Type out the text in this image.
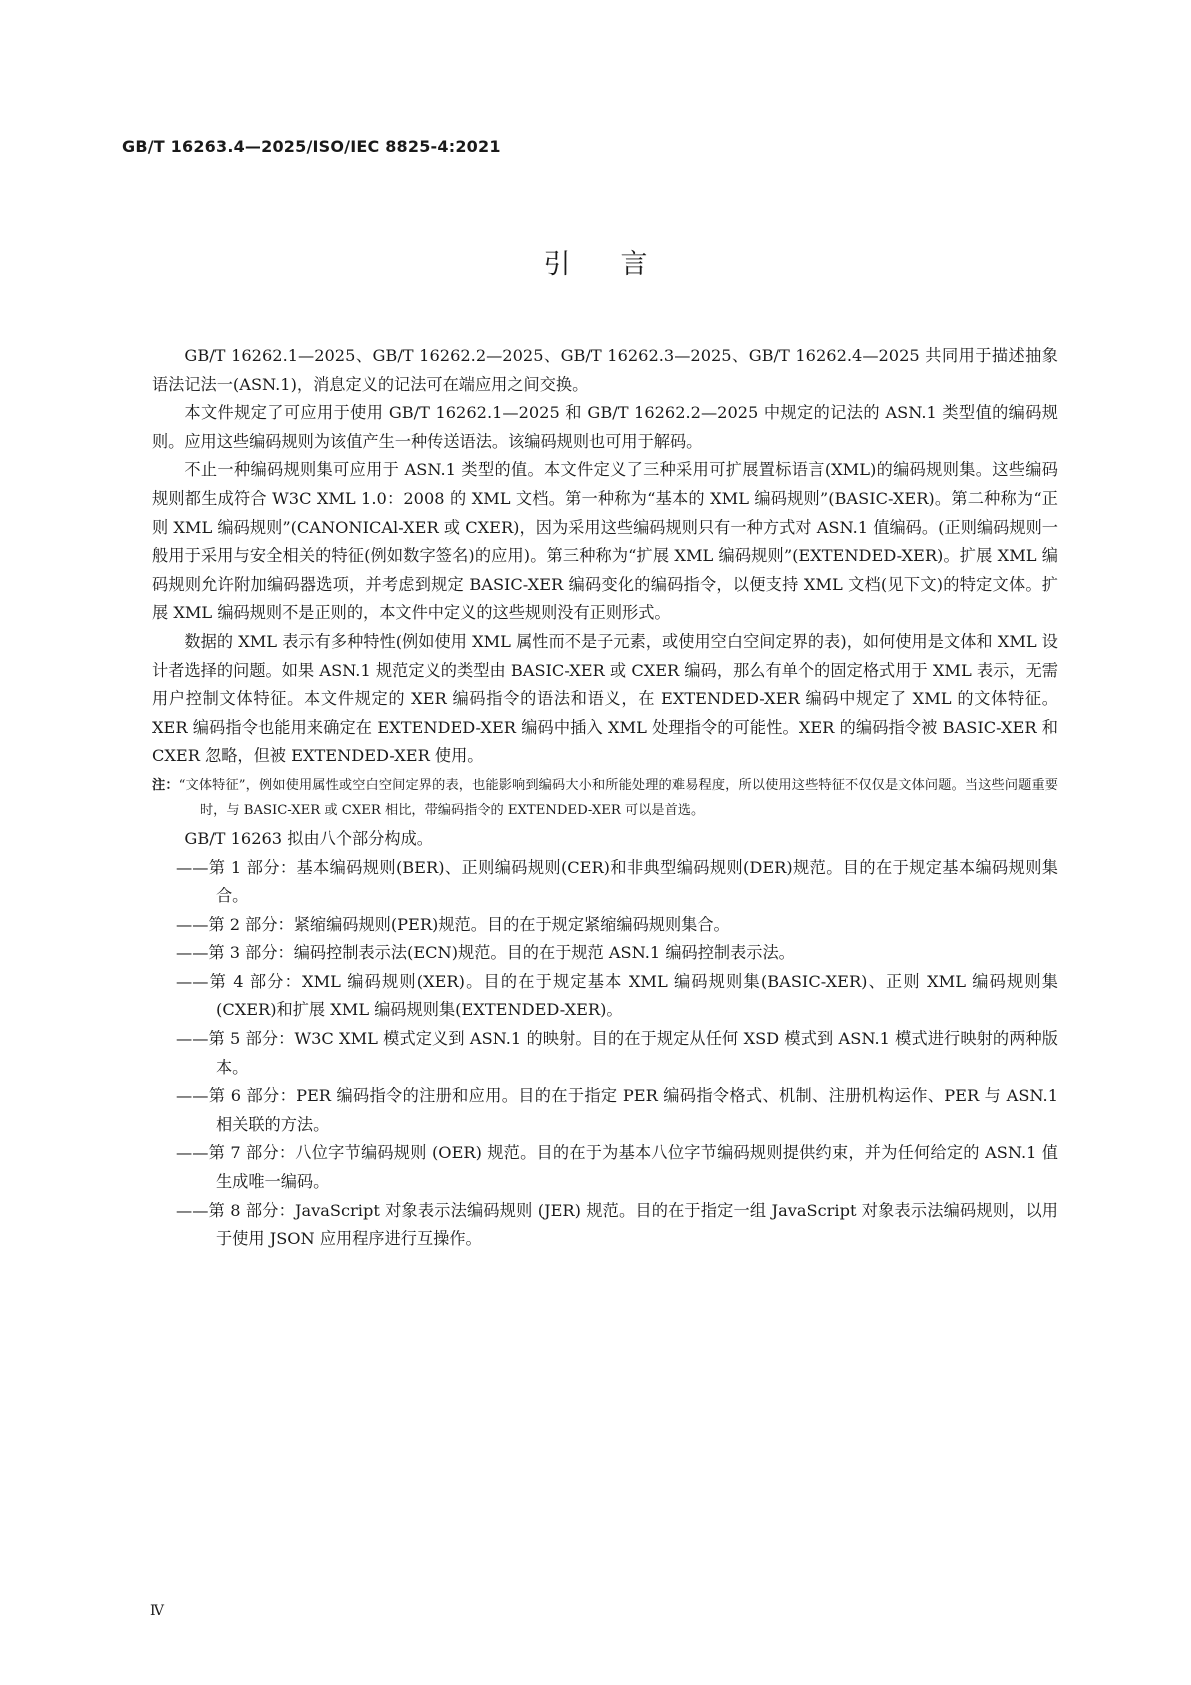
GB/T 16263.4—2025/ISO/IEC 8825-4:2021
引言

GB/T 16262.1—2025、GB/T 16262.2—2025、GB/T 16262.3—2025、GB/T 16262.4—2025 共同用于描述抽象语法记法一(ASN.1)，消息定义的记法可在端应用之间交换。

本文件规定了可应用于使用 GB/T 16262.1—2025 和 GB/T 16262.2—2025 中规定的记法的 ASN.1 类型值的编码规则。应用这些编码规则为该值产生一种传送语法。该编码规则也可用于解码。

不止一种编码规则集可应用于 ASN.1 类型的值。本文件定义了三种采用可扩展置标语言(XML)的编码规则集。这些编码规则都生成符合 W3C XML 1.0：2008 的 XML 文档。第一种称为“基本的 XML 编码规则”(BASIC-XER)。第二种称为“正则 XML 编码规则”(CANONICAl-XER 或 CXER)，因为采用这些编码规则只有一种方式对 ASN.1 值编码。(正则编码规则一般用于采用与安全相关的特征(例如数字签名)的应用)。第三种称为“扩展 XML 编码规则”(EXTENDED-XER)。扩展 XML 编码规则允许附加编码器选项，并考虑到规定 BASIC-XER 编码变化的编码指令，以便支持 XML 文档(见下文)的特定文体。扩展 XML 编码规则不是正则的，本文件中定义的这些规则没有正则形式。

数据的 XML 表示有多种特性(例如使用 XML 属性而不是子元素，或使用空白空间定界的表)，如何使用是文体和 XML 设计者选择的问题。如果 ASN.1 规范定义的类型由 BASIC-XER 或 CXER 编码，那么有单个的固定格式用于 XML 表示，无需用户控制文体特征。本文件规定的 XER 编码指令的语法和语义，在 EXTENDED-XER 编码中规定了 XML 的文体特征。XER 编码指令也能用来确定在 EXTENDED-XER 编码中插入 XML 处理指令的可能性。XER 的编码指令被 BASIC-XER 和 CXER 忽略，但被 EXTENDED-XER 使用。

注：“文体特征”，例如使用属性或空白空间定界的表，也能影响到编码大小和所能处理的难易程度，所以使用这些特征不仅仅是文体问题。当这些问题重要时，与 BASIC-XER 或 CXER 相比，带编码指令的 EXTENDED-XER 可以是首选。

GB/T 16263 拟由八个部分构成。

——第 1 部分：基本编码规则(BER)、正则编码规则(CER)和非典型编码规则(DER)规范。目的在于规定基本编码规则集合。

——第 2 部分：紧缩编码规则(PER)规范。目的在于规定紧缩编码规则集合。

——第 3 部分：编码控制表示法(ECN)规范。目的在于规范 ASN.1 编码控制表示法。

——第 4 部分：XML 编码规则(XER)。目的在于规定基本 XML 编码规则集(BASIC-XER)、正则 XML 编码规则集(CXER)和扩展 XML 编码规则集(EXTENDED-XER)。

——第 5 部分：W3C XML 模式定义到 ASN.1 的映射。目的在于规定从任何 XSD 模式到 ASN.1 模式进行映射的两种版本。

——第 6 部分：PER 编码指令的注册和应用。目的在于指定 PER 编码指令格式、机制、注册机构运作、PER 与 ASN.1 相关联的方法。

——第 7 部分：八位字节编码规则 (OER) 规范。目的在于为基本八位字节编码规则提供约束，并为任何给定的 ASN.1 值生成唯一编码。

——第 8 部分：JavaScript 对象表示法编码规则 (JER) 规范。目的在于指定一组 JavaScript 对象表示法编码规则，以用于使用 JSON 应用程序进行互操作。

Ⅳ
